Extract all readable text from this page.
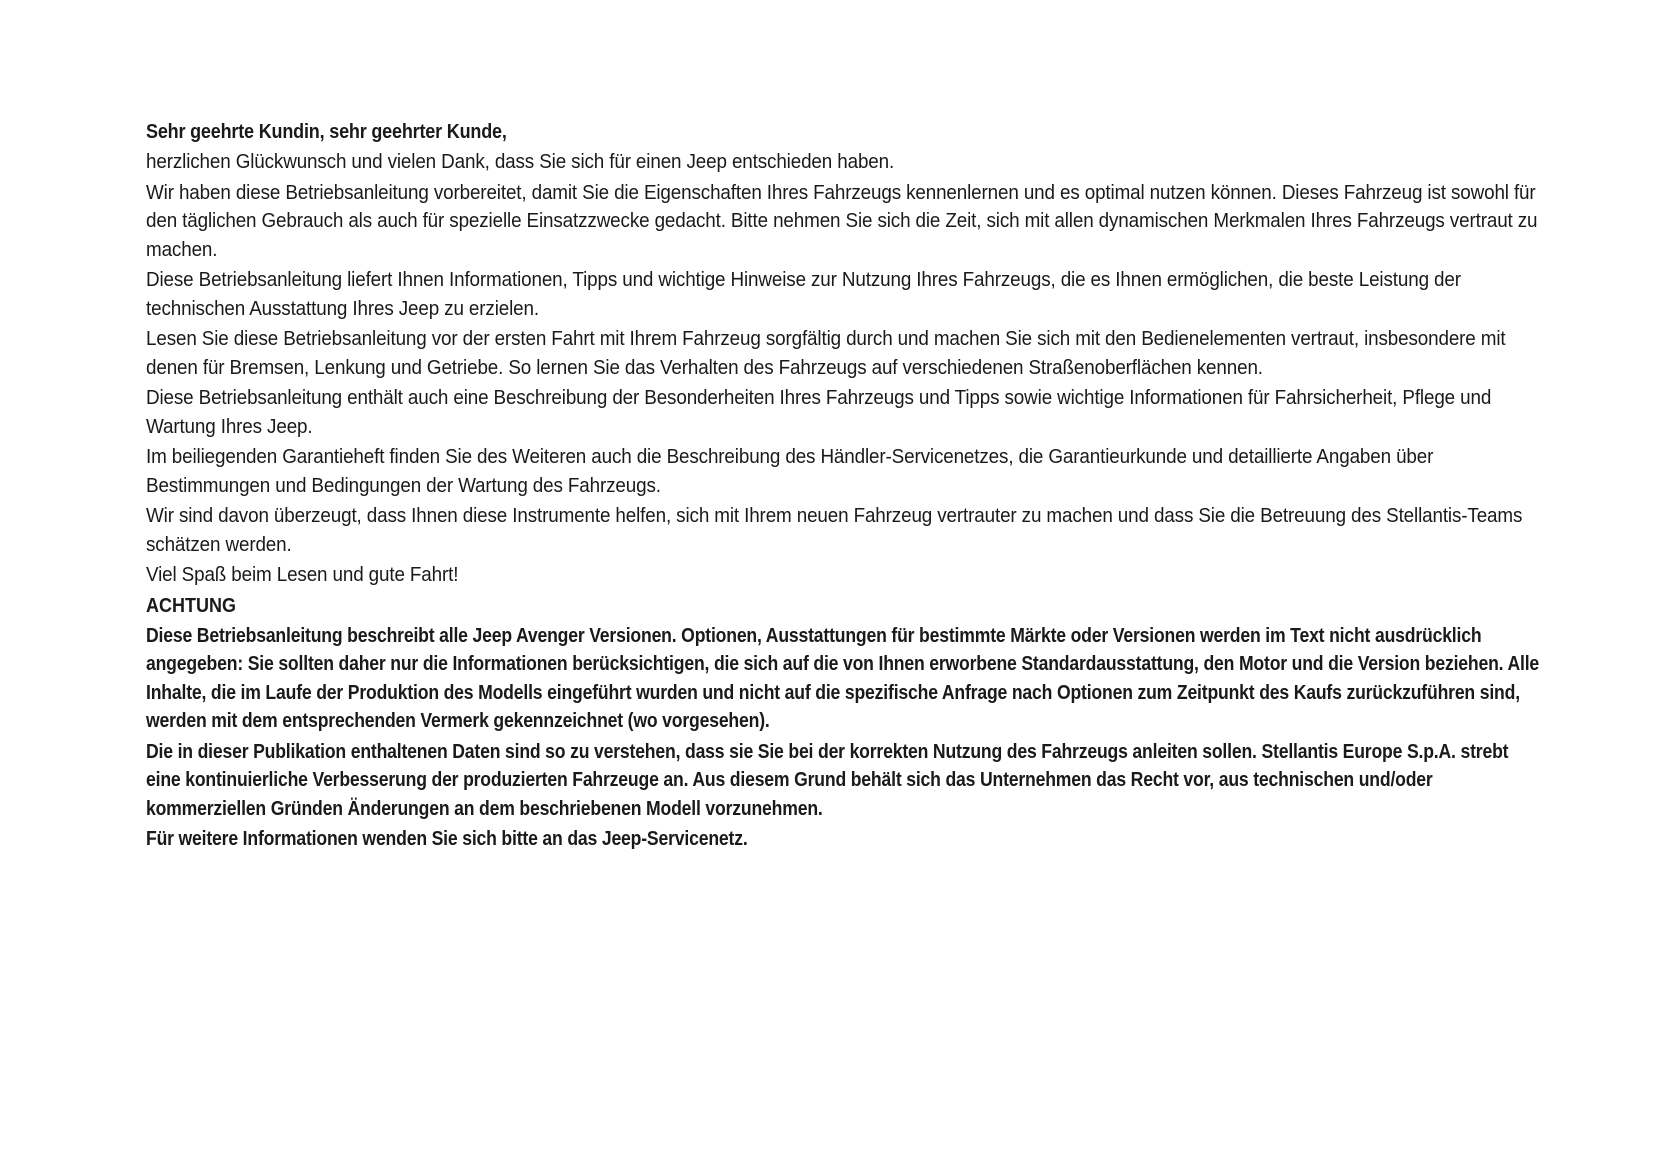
Sehr geehrte Kundin, sehr geehrter Kunde,

herzlichen Glückwunsch und vielen Dank, dass Sie sich für einen Jeep entschieden haben.

Wir haben diese Betriebsanleitung vorbereitet, damit Sie die Eigenschaften Ihres Fahrzeugs kennenlernen und es optimal nutzen können. Dieses Fahrzeug ist sowohl für den täglichen Gebrauch als auch für spezielle Einsatzzwecke gedacht. Bitte nehmen Sie sich die Zeit, sich mit allen dynamischen Merkmalen Ihres Fahrzeugs vertraut zu machen.

Diese Betriebsanleitung liefert Ihnen Informationen, Tipps und wichtige Hinweise zur Nutzung Ihres Fahrzeugs, die es Ihnen ermöglichen, die beste Leistung der technischen Ausstattung Ihres Jeep zu erzielen.

Lesen Sie diese Betriebsanleitung vor der ersten Fahrt mit Ihrem Fahrzeug sorgfältig durch und machen Sie sich mit den Bedienelementen vertraut, insbesondere mit denen für Bremsen, Lenkung und Getriebe. So lernen Sie das Verhalten des Fahrzeugs auf verschiedenen Straßenoberflächen kennen.

Diese Betriebsanleitung enthält auch eine Beschreibung der Besonderheiten Ihres Fahrzeugs und Tipps sowie wichtige Informationen für Fahrsicherheit, Pflege und Wartung Ihres Jeep.

Im beiliegenden Garantieheft finden Sie des Weiteren auch die Beschreibung des Händler-Servicenetzes, die Garantieurkunde und detaillierte Angaben über Bestimmungen und Bedingungen der Wartung des Fahrzeugs.

Wir sind davon überzeugt, dass Ihnen diese Instrumente helfen, sich mit Ihrem neuen Fahrzeug vertrauter zu machen und dass Sie die Betreuung des Stellantis-Teams schätzen werden.

Viel Spaß beim Lesen und gute Fahrt!

ACHTUNG

Diese Betriebsanleitung beschreibt alle Jeep Avenger Versionen. Optionen, Ausstattungen für bestimmte Märkte oder Versionen werden im Text nicht ausdrücklich angegeben: Sie sollten daher nur die Informationen berücksichtigen, die sich auf die von Ihnen erworbene Standardausstattung, den Motor und die Version beziehen. Alle Inhalte, die im Laufe der Produktion des Modells eingeführt wurden und nicht auf die spezifische Anfrage nach Optionen zum Zeitpunkt des Kaufs zurückzuführen sind, werden mit dem entsprechenden Vermerk gekennzeichnet (wo vorgesehen).

Die in dieser Publikation enthaltenen Daten sind so zu verstehen, dass sie Sie bei der korrekten Nutzung des Fahrzeugs anleiten sollen. Stellantis Europe S.p.A. strebt eine kontinuierliche Verbesserung der produzierten Fahrzeuge an. Aus diesem Grund behält sich das Unternehmen das Recht vor, aus technischen und/oder kommerziellen Gründen Änderungen an dem beschriebenen Modell vorzunehmen.

Für weitere Informationen wenden Sie sich bitte an das Jeep-Servicenetz.
